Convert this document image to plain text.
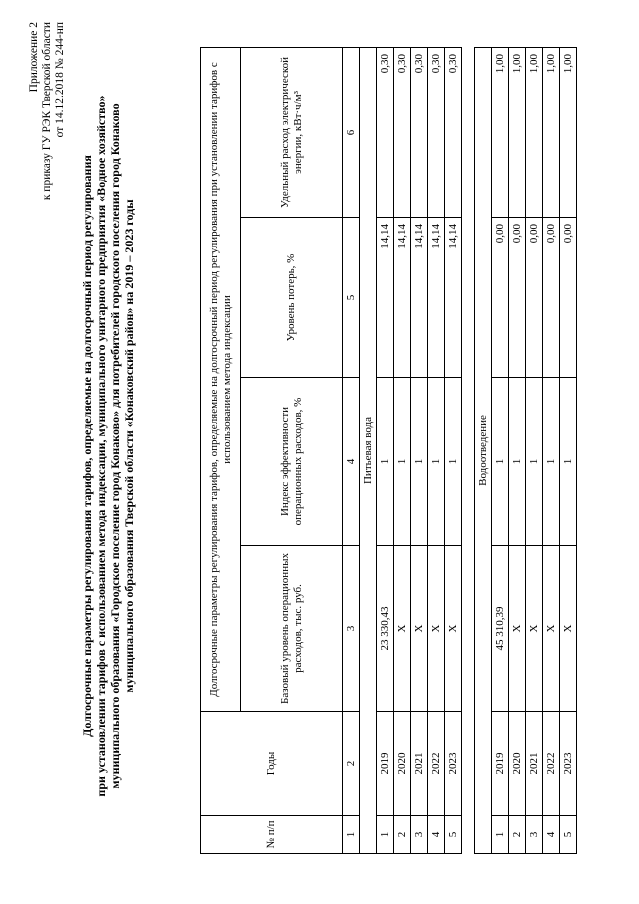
Приложение 2 к приказу ГУ РЭК Тверской области от 14.12.2018 № 244-нп
Долгосрочные параметры регулирования тарифов, определяемые на долгосрочный период регулирования при установлении тарифов с использованием метода индексации, муниципального унитарного предприятия «Водное хозяйство» муниципального образования «Городское поселение город Конаково» для потребителей городского поселения город Конаково муниципального образования Тверской области «Конаковский район» на 2019 – 2023 годы
№ п/п	Годы	Долгосрочные параметры регулирования тарифов, определяемые на долгосрочный период регулирования при установлении тарифов с использованием метода индексации			
		Базовый уровень операционных расходов, тыс. руб.	Индекс эффективности операционных расходов, %	Уровень потерь, %	Удельный расход электрической энергии, кВт·ч/м³
1	2	3	4	5	6
Питьевая вода					
1	2019	23 330,43	1	14,14	0,30
2	2020	Х	1	14,14	0,30
3	2021	Х	1	14,14	0,30
4	2022	Х	1	14,14	0,30
5	2023	Х	1	14,14	0,30

Водоотведение					
1	2019	45 310,39	1	0,00	1,00
2	2020	Х	1	0,00	1,00
3	2021	Х	1	0,00	1,00
4	2022	Х	1	0,00	1,00
5	2023	Х	1	0,00	1,00
